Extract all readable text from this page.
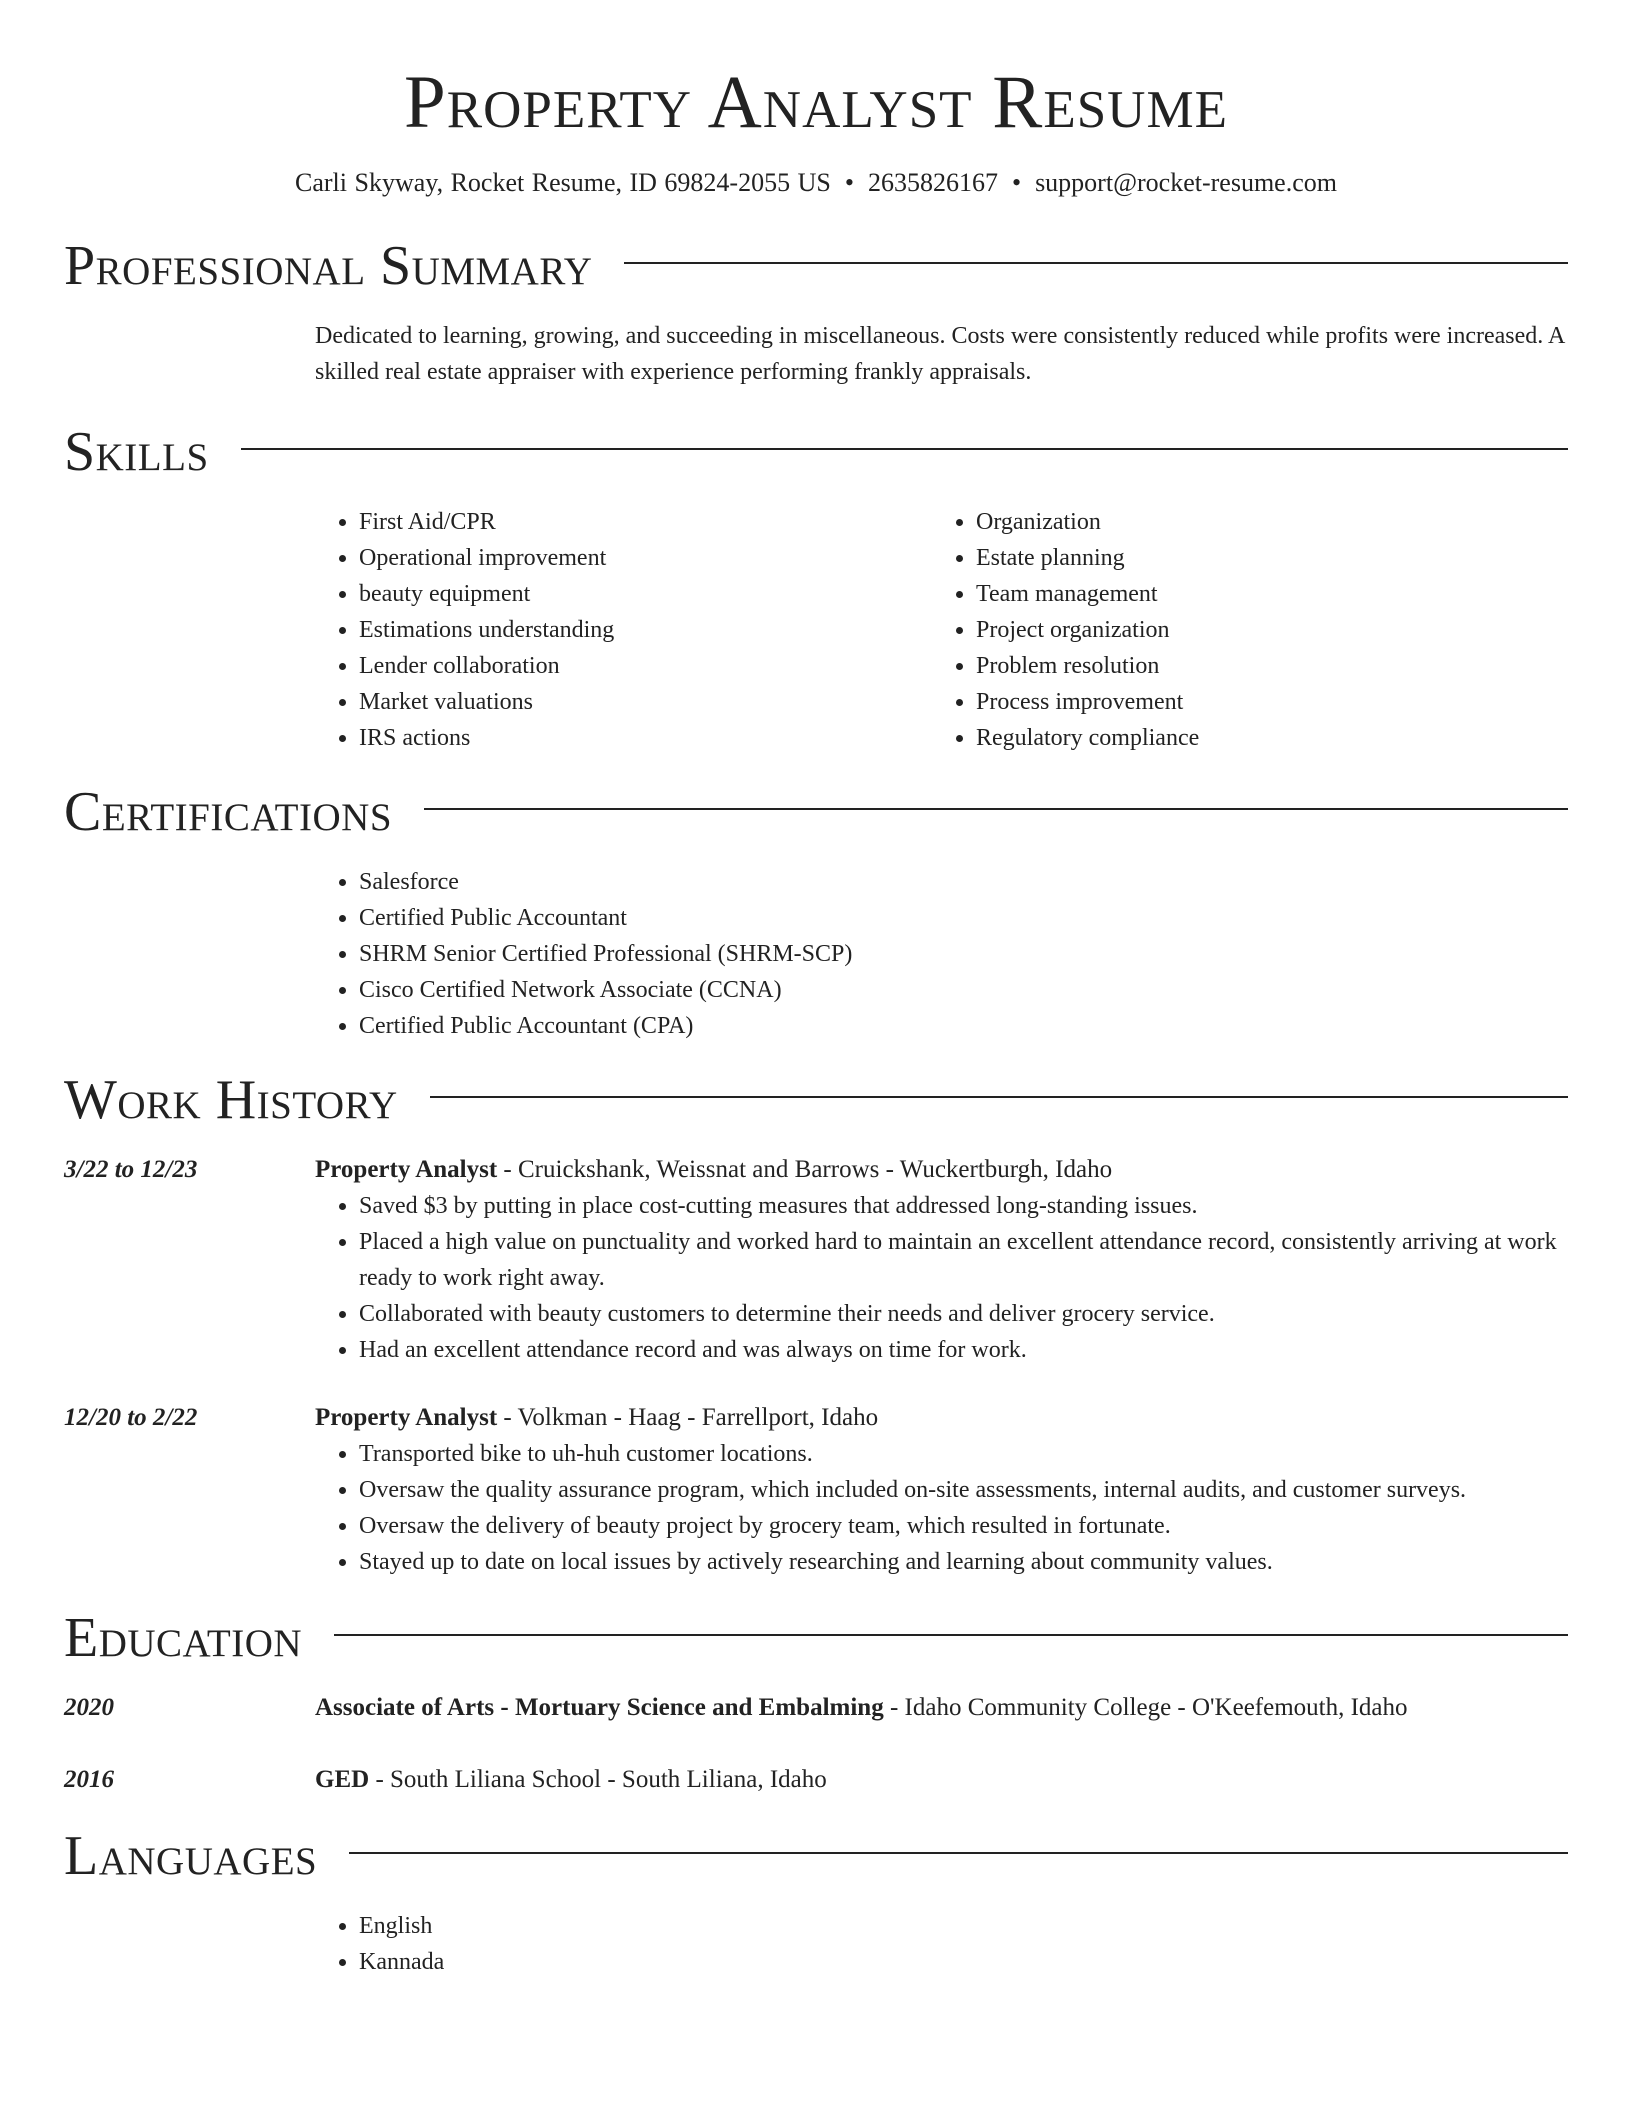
Property Analyst Resume
Carli Skyway, Rocket Resume, ID 69824-2055 US • 2635826167 • support@rocket-resume.com
Professional Summary

Dedicated to learning, growing, and succeeding in miscellaneous. Costs were consistently reduced while profits were increased. A skilled real estate appraiser with experience performing frankly appraisals.

Skills
• First Aid/CPR
• Operational improvement
• beauty equipment
• Estimations understanding
• Lender collaboration
• Market valuations
• IRS actions
• Organization
• Estate planning
• Team management
• Project organization
• Problem resolution
• Process improvement
• Regulatory compliance
Certifications
• Salesforce
• Certified Public Accountant
• SHRM Senior Certified Professional (SHRM-SCP)
• Cisco Certified Network Associate (CCNA)
• Certified Public Accountant (CPA)
Work History
3/22 to 12/23	Property Analyst - Cruickshank, Weissnat and Barrows - Wuckertburgh, Idaho
• Saved $3 by putting in place cost-cutting measures that addressed long-standing issues.
• Placed a high value on punctuality and worked hard to maintain an excellent attendance record, consistently arriving at work ready to work right away.
• Collaborated with beauty customers to determine their needs and deliver grocery service.
• Had an excellent attendance record and was always on time for work.
12/20 to 2/22	Property Analyst - Volkman - Haag - Farrellport, Idaho
• Transported bike to uh-huh customer locations.
• Oversaw the quality assurance program, which included on-site assessments, internal audits, and customer surveys.
• Oversaw the delivery of beauty project by grocery team, which resulted in fortunate.
• Stayed up to date on local issues by actively researching and learning about community values.
Education
2020	Associate of Arts - Mortuary Science and Embalming - Idaho Community College - O'Keefemouth, Idaho
2016	GED - South Liliana School - South Liliana, Idaho
Languages
• English
• Kannada
